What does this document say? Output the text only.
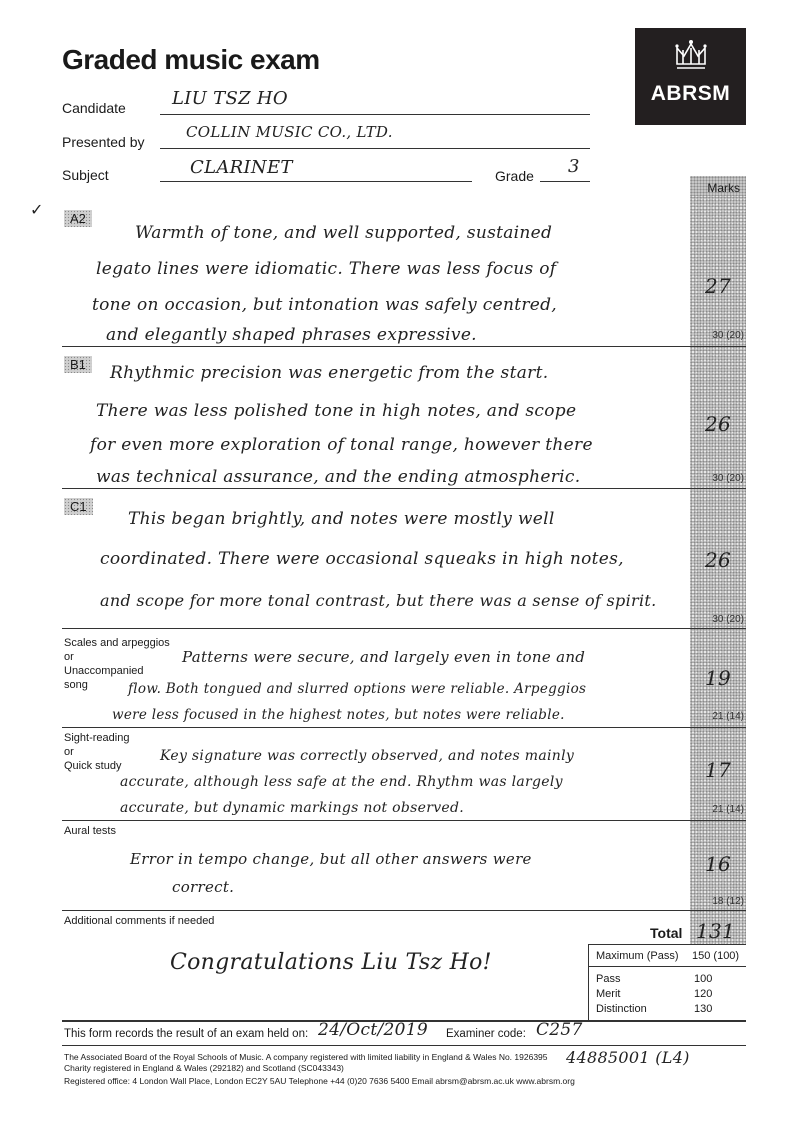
Graded music exam
ABRSM
Candidate	LIU TSZ HO
Presented by
COLLIN MUSIC CO., LTD.
Subject	CLARINET	Grade 3
Marks
✓	A2
Warmth of tone, and well supported, sustained
legato lines were idiomatic. There was less focus of
tone on occasion, but intonation was safely centred,
and elegantly shaped phrases expressive.
27
30 (20)
B1	Rhythmic precision was energetic from the start.
There was less polished tone in high notes, and scope
for even more exploration of tonal range, however there
was technical assurance, and the ending atmospheric.
26
30 (20)
C1
This began brightly, and notes were mostly well
coordinated. There were occasional squeaks in high notes,
and scope for more tonal contrast, but there was a sense of spirit.
26
30 (20)
Scales and arpeggios
or
Unaccompanied
song
Patterns were secure, and largely even in tone and
flow. Both tongued and slurred options were reliable. Arpeggios
were less focused in the highest notes, but notes were reliable.
19
21 (14)
Sight-reading
or
Quick study
Key signature was correctly observed, and notes mainly
accurate, although less safe at the end. Rhythm was largely
accurate, but dynamic markings not observed.
17
21 (14)
Aural tests
Error in tempo change, but all other answers were
correct.
16
18 (12)
Additional comments if needed
Congratulations Liu Tsz Ho!
Total 131
Maximum (Pass) 150 (100)
Pass	100
Merit	120
Distinction	130
This form records the result of an exam held on: 24/Oct/2019 Examiner code: C257
The Associated Board of the Royal Schools of Music. A company registered with limited liability in England & Wales No. 1926395
Charity registered in England & Wales (292182) and Scotland (SC043343)
Registered office: 4 London Wall Place, London EC2Y 5AU Telephone +44 (0)20 7636 5400 Email abrsm@abrsm.ac.uk www.abrsm.org
44885001 (L4)
